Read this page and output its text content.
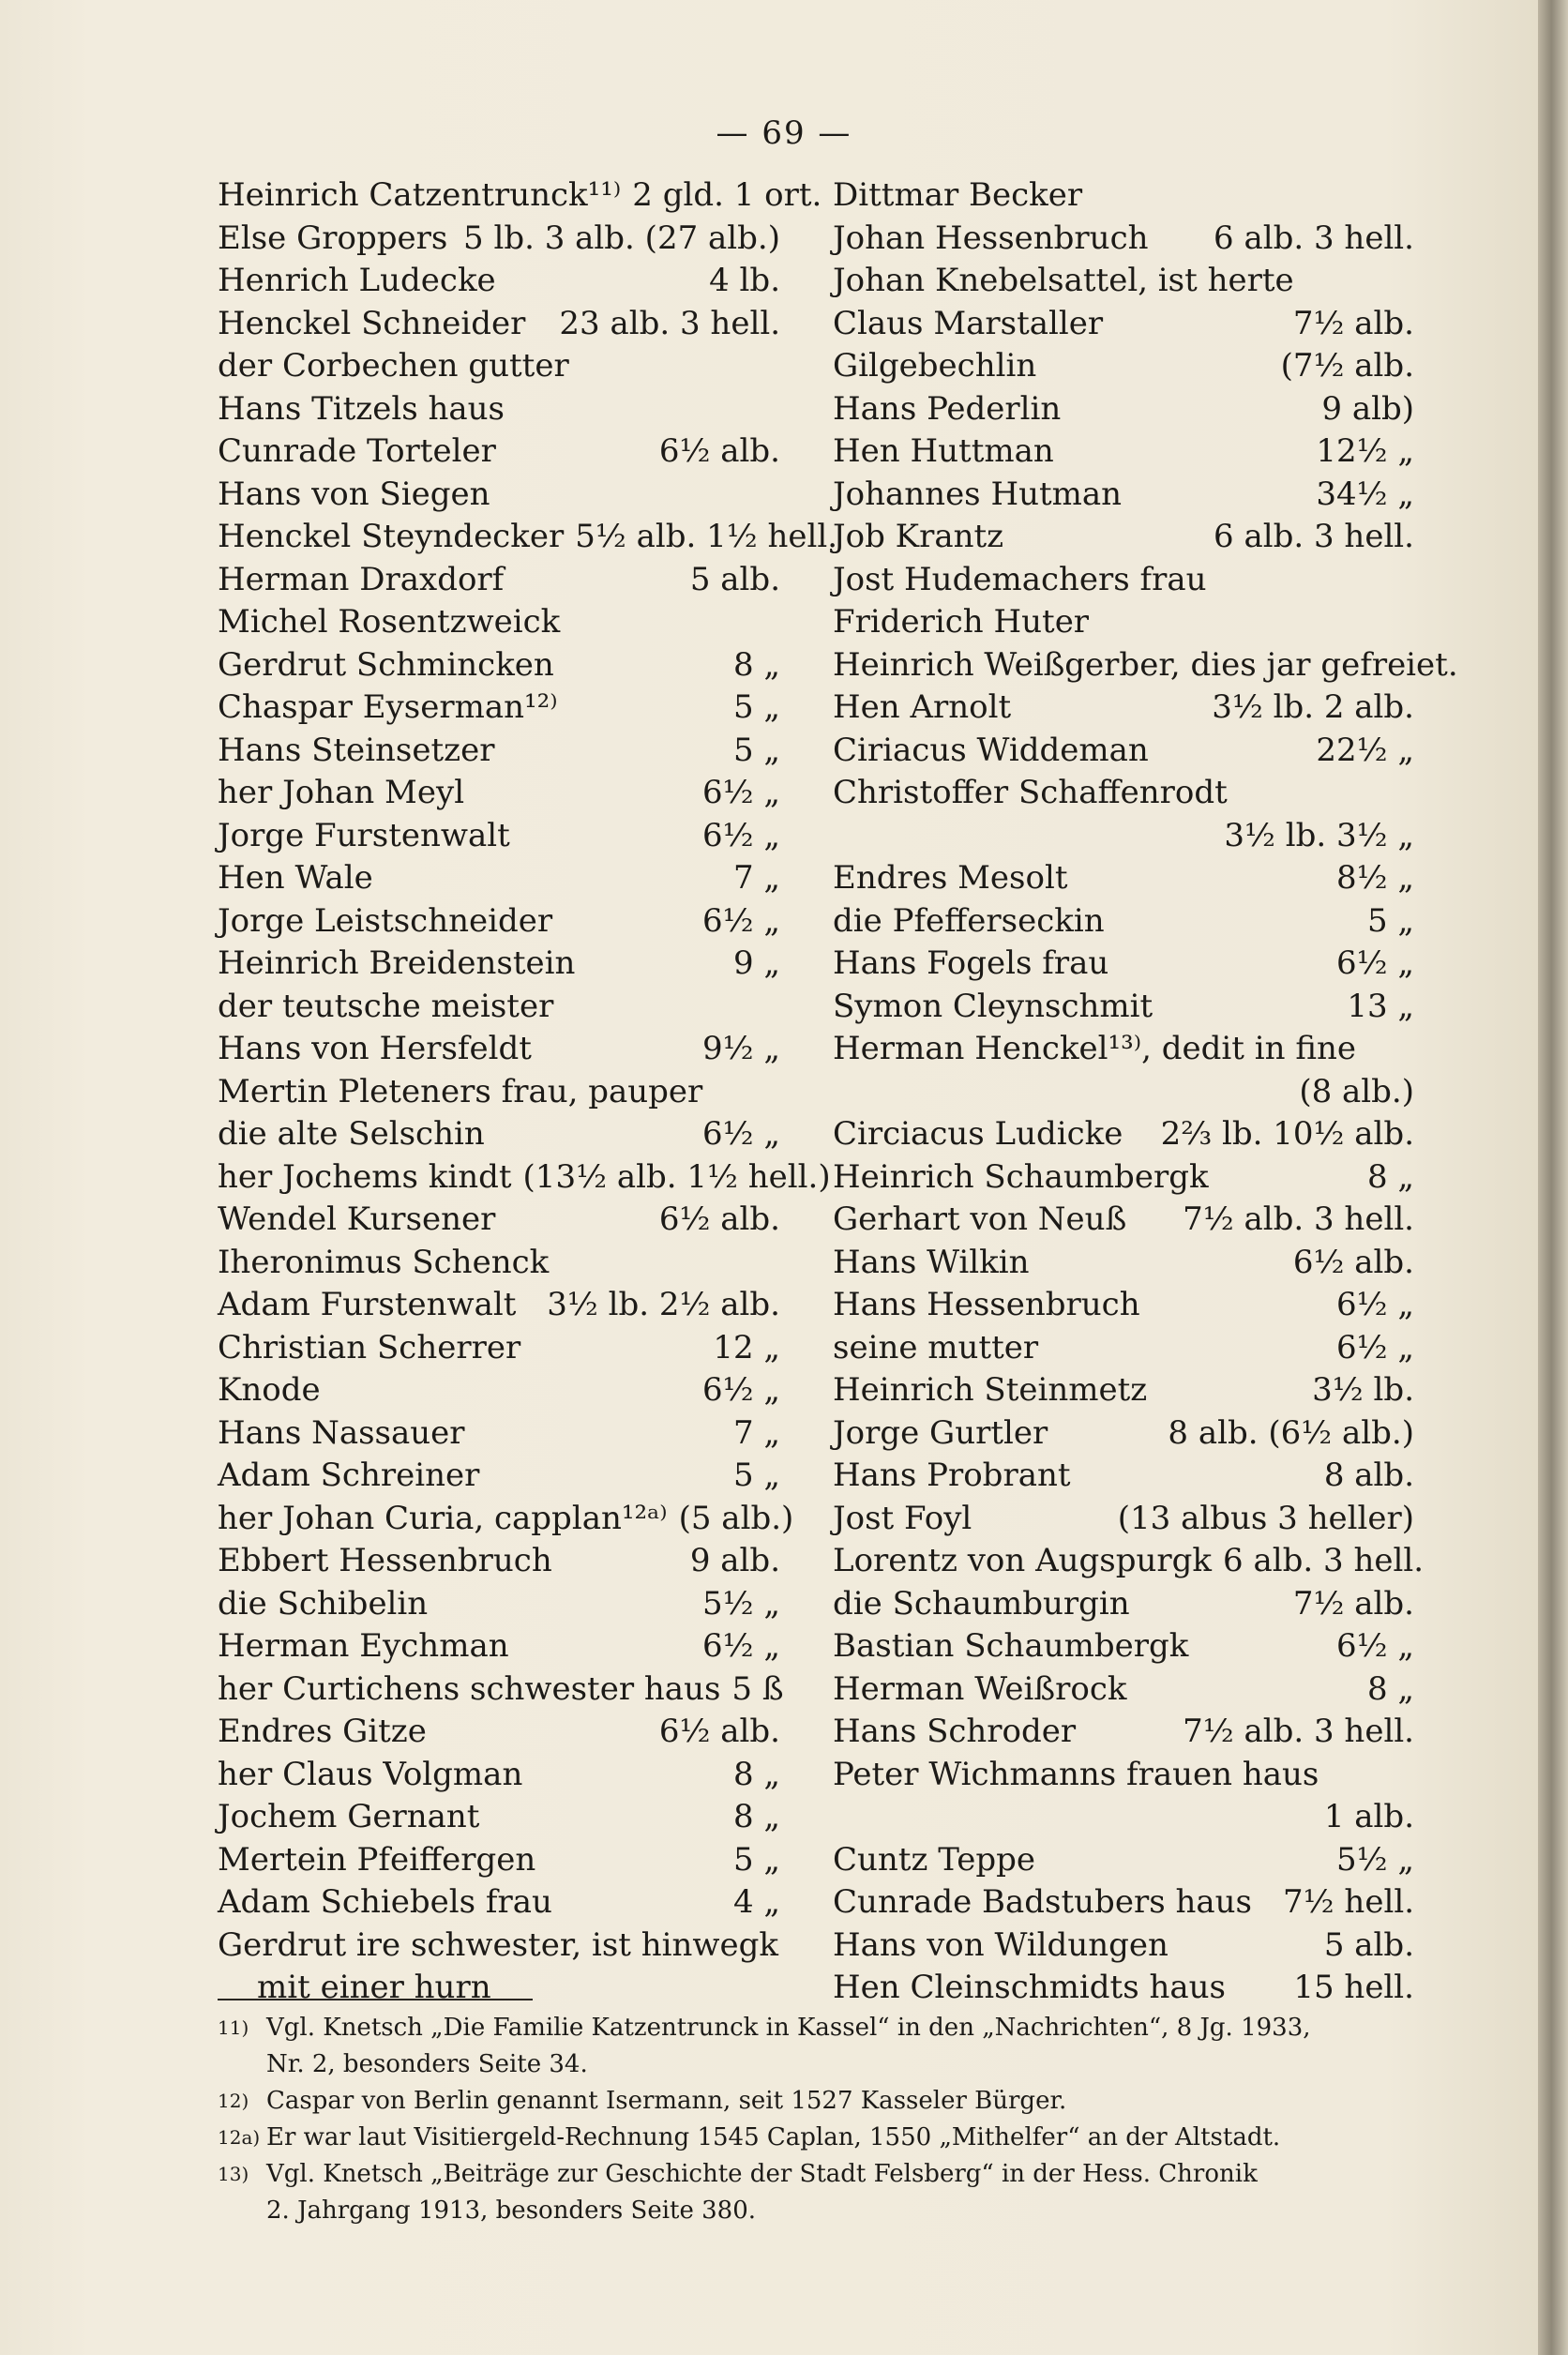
— 69 —
Heinrich Catzentrunck¹¹⁾ 2 gld. 1 ort.
Else Groppers 5 lb. 3 alb. (27 alb.)
Henrich Ludecke	4 lb.
Henckel Schneider	23 alb. 3 hell.
der Corbechen gutter
Hans Titzels haus
Cunrade Torteler	6½ alb.
Hans von Siegen
Henckel Steyndecker 5½ alb. 1½ hell.
Herman Draxdorf	5 alb.
Michel Rosentzweick
Gerdrut Schmincken	8 „
Chaspar Eyserman¹²⁾	5 „
Hans Steinsetzer	5 „
her Johan Meyl	6½ „
Jorge Furstenwalt	6½ „
Hen Wale	7 „
Jorge Leistschneider	6½ „
Heinrich Breidenstein	9 „
der teutsche meister
Hans von Hersfeldt	9½ „
Mertin Pleteners frau, pauper
die alte Selschin	6½ „
her Jochems kindt (13½ alb. 1½ hell.)
Wendel Kursener	6½ alb.
Iheronimus Schenck
Adam Furstenwalt 3½ lb. 2½ alb.
Christian Scherrer	12 „
Knode	6½ „
Hans Nassauer	7 „
Adam Schreiner	5 „
her Johan Curia, capplan¹²ᵃ⁾ (5 alb.)
Ebbert Hessenbruch	9 alb.
die Schibelin	5½ „
Herman Eychman	6½ „
her Curtichens schwester haus 5 ß
Endres Gitze	6½ alb.
her Claus Volgman	8 „
Jochem Gernant	8 „
Mertein Pfeiffergen	5 „
Adam Schiebels frau	4 „
Gerdrut ire schwester, ist hinwegk
mit einer hurn
Dittmar Becker
Johan Hessenbruch	6 alb. 3 hell.
Johan Knebelsattel, ist herte
Claus Marstaller	7½ alb.
Gilgebechlin	(7½ alb.
Hans Pederlin	9 alb)
Hen Huttman	12½ „
Johannes Hutman	34½ „
Job Krantz	6 alb. 3 hell.
Jost Hudemachers frau
Friderich Huter
Heinrich Weißgerber, dies jar gefreiet.
Hen Arnolt	3½ lb. 2 alb.
Ciriacus Widdeman	22½ „
Christoffer Schaffenrodt
3½ lb. 3½ „
Endres Mesolt	8½ „
die Pfefferseckin	5 „
Hans Fogels frau	6½ „
Symon Cleynschmit	13 „
Herman Henckel¹³⁾, dedit in fine
(8 alb.)
Circiacus Ludicke	2⅔ lb. 10½ alb.
Heinrich Schaumbergk	8 „
Gerhart von Neuß	7½ alb. 3 hell.
Hans Wilkin	6½ alb.
Hans Hessenbruch	6½ „
seine mutter	6½ „
Heinrich Steinmetz	3½ lb.
Jorge Gurtler	8 alb. (6½ alb.)
Hans Probrant	8 alb.
Jost Foyl	(13 albus 3 heller)
Lorentz von Augspurgk 6 alb. 3 hell.
die Schaumburgin	7½ alb.
Bastian Schaumbergk	6½ „
Herman Weißrock	8 „
Hans Schroder	7½ alb. 3 hell.
Peter Wichmanns frauen haus
1 alb.
Cuntz Teppe	5½ „
Cunrade Badstubers haus 7½ hell.
Hans von Wildungen	5 alb.
Hen Cleinschmidts haus	15 hell.
11) Vgl. Knetsch „Die Familie Katzentrunck in Kassel“ in den „Nachrichten“, 8 Jg. 1933,
Nr. 2, besonders Seite 34.
12) Caspar von Berlin genannt Isermann, seit 1527 Kasseler Bürger.
12a) Er war laut Visitiergeld-Rechnung 1545 Caplan, 1550 „Mithelfer“ an der Altstadt.
13) Vgl. Knetsch „Beiträge zur Geschichte der Stadt Felsberg“ in der Hess. Chronik
2. Jahrgang 1913, besonders Seite 380.
